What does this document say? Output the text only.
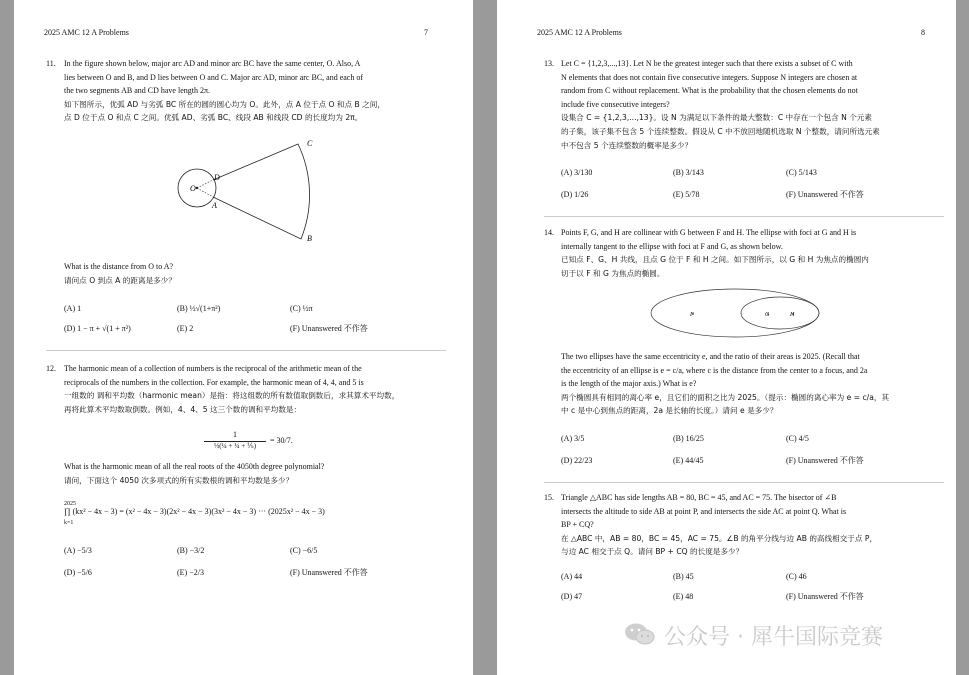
2025 AMC 12 A Problems	7
11. In the figure shown below, major arc AD and minor arc BC have the same center, O. Also, A
lies between O and B, and D lies between O and C. Major arc AD, minor arc BC, and each of
the two segments AB and CD have length 2π.
如下图所示，优弧 AD 与劣弧 BC 所在的圆的圆心均为 O。此外，点 A 位于点 O 和点 B 之间，
点 D 位于点 O 和点 C 之间。优弧 AD、劣弧 BC、线段 AB 和线段 CD 的长度均为 2π。
O
D
A
C
B
What is the distance from O to A?
请问点 O 到点 A 的距离是多少？
(A) 1	(B) ½√(1+π²)	(C) ½π
(D) 1 − π + √(1 + π²)	(E) 2	(F) Unanswered 不作答
12. The harmonic mean of a collection of numbers is the reciprocal of the arithmetic mean of the
reciprocals of the numbers in the collection. For example, the harmonic mean of 4, 4, and 5 is
一组数的 调和平均数（harmonic mean）是指：将这组数的所有数值取倒数后，求其算术平均数，
再将此算术平均数取倒数。例如，4、4、5 这三个数的调和平均数是：
1
⅓(¼ + ¼ + ⅕)
= 30/7.
What is the harmonic mean of all the real roots of the 4050th degree polynomial?
请问，下面这个 4050 次多项式的所有实数根的调和平均数是多少？
2025
k=1
∏ (kx² − 4x − 3) = (x² − 4x − 3)(2x² − 4x − 3)(3x² − 4x − 3) ··· (2025x² − 4x − 3)
(A) −5/3	(B) −3/2	(C) −6/5
(D) −5/6	(E) −2/3	(F) Unanswered 不作答
2025 AMC 12 A Problems	8
13. Let C = {1,2,3,...,13}. Let N be the greatest integer such that there exists a subset of C with
N elements that does not contain five consecutive integers. Suppose N integers are chosen at
random from C without replacement. What is the probability that the chosen elements do not
include five consecutive integers?
设集合 C = {1,2,3,...,13}。设 N 为满足以下条件的最大整数：C 中存在一个包含 N 个元素
的子集，该子集不包含 5 个连续整数。假设从 C 中不放回地随机选取 N 个整数，请问所选元素
中不包含 5 个连续整数的概率是多少？
(A) 3/130	(B) 3/143	(C) 5/143
(D) 1/26	(E) 5/78	(F) Unanswered 不作答
14. Points F, G, and H are collinear with G between F and H. The ellipse with foci at G and H is
internally tangent to the ellipse with foci at F and G, as shown below.
已知点 F、G、H 共线，且点 G 位于 F 和 H 之间。如下图所示，以 G 和 H 为焦点的椭圆内
切于以 F 和 G 为焦点的椭圆。
F	G	H
The two ellipses have the same eccentricity e, and the ratio of their areas is 2025. (Recall that
the eccentricity of an ellipse is e = c/a, where c is the distance from the center to a focus, and 2a
is the length of the major axis.) What is e?
两个椭圆具有相同的离心率 e，且它们的面积之比为 2025。（提示：椭圆的离心率为 e = c/a，其
中 c 是中心到焦点的距离，2a 是长轴的长度。）请问 e 是多少？
(A) 3/5	(B) 16/25	(C) 4/5
(D) 22/23	(E) 44/45	(F) Unanswered 不作答
15. Triangle △ABC has side lengths AB = 80, BC = 45, and AC = 75. The bisector of ∠B
intersects the altitude to side AB at point P, and intersects the side AC at point Q. What is
BP + CQ?
在 △ABC 中，AB = 80，BC = 45，AC = 75。∠B 的角平分线与边 AB 的高线相交于点 P，
与边 AC 相交于点 Q。请问 BP + CQ 的长度是多少？
(A) 44	(B) 45	(C) 46
(D) 47	(E) 48	(F) Unanswered 不作答
公众号 · 犀牛国际竞赛
